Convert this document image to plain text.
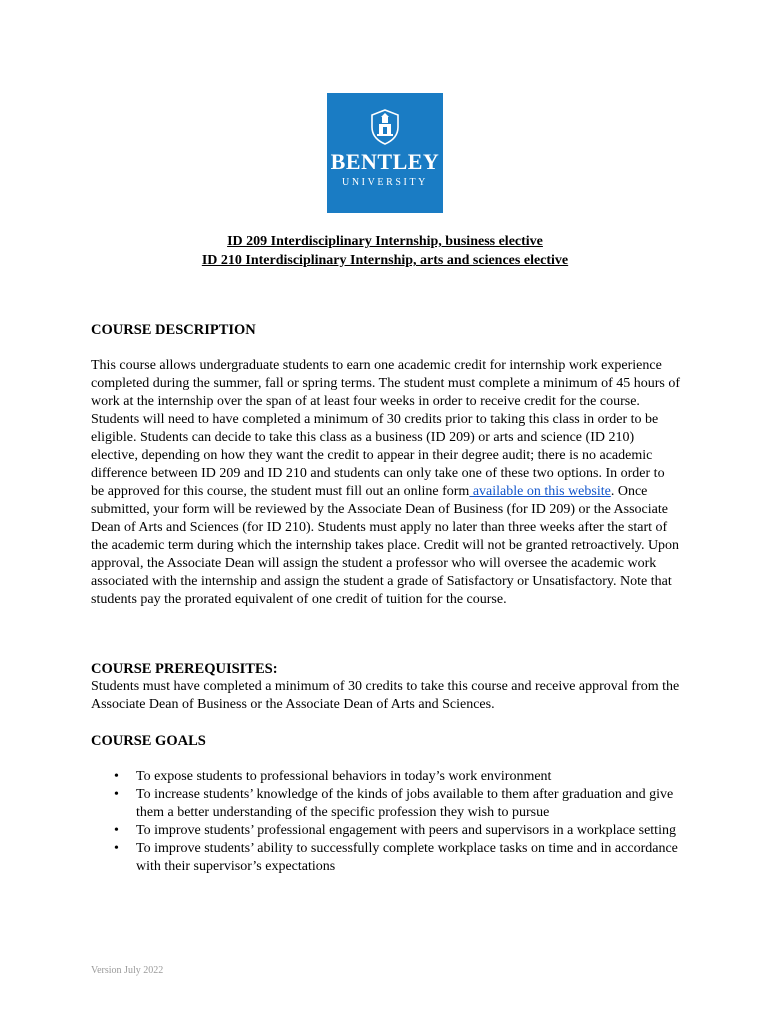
BENTLEY
UNIVERSITY
ID 209 Interdisciplinary Internship, business elective
ID 210 Interdisciplinary Internship, arts and sciences elective
COURSE DESCRIPTION

This course allows undergraduate students to earn one academic credit for internship work experience completed during the summer, fall or spring terms. The student must complete a minimum of 45 hours of work at the internship over the span of at least four weeks in order to receive credit for the course. Students will need to have completed a minimum of 30 credits prior to taking this class in order to be eligible. Students can decide to take this class as a business (ID 209) or arts and science (ID 210) elective, depending on how they want the credit to appear in their degree audit; there is no academic difference between ID 209 and ID 210 and students can only take one of these two options. In order to be approved for this course, the student must fill out an online form available on this website. Once submitted, your form will be reviewed by the Associate Dean of Business (for ID 209) or the Associate Dean of Arts and Sciences (for ID 210). Students must apply no later than three weeks after the start of the academic term during which the internship takes place. Credit will not be granted retroactively. Upon approval, the Associate Dean will assign the student a professor who will oversee the academic work associated with the internship and assign the student a grade of Satisfactory or Unsatisfactory. Note that students pay the prorated equivalent of one credit of tuition for the course.

COURSE PREREQUISITES:

Students must have completed a minimum of 30 credits to take this course and receive approval from the Associate Dean of Business or the Associate Dean of Arts and Sciences.

COURSE GOALS
• To expose students to professional behaviors in today’s work environment
• To increase students’ knowledge of the kinds of jobs available to them after graduation and give them a better understanding of the specific profession they wish to pursue
• To improve students’ professional engagement with peers and supervisors in a workplace setting
• To improve students’ ability to successfully complete workplace tasks on time and in accordance with their supervisor’s expectations
Version July 2022
